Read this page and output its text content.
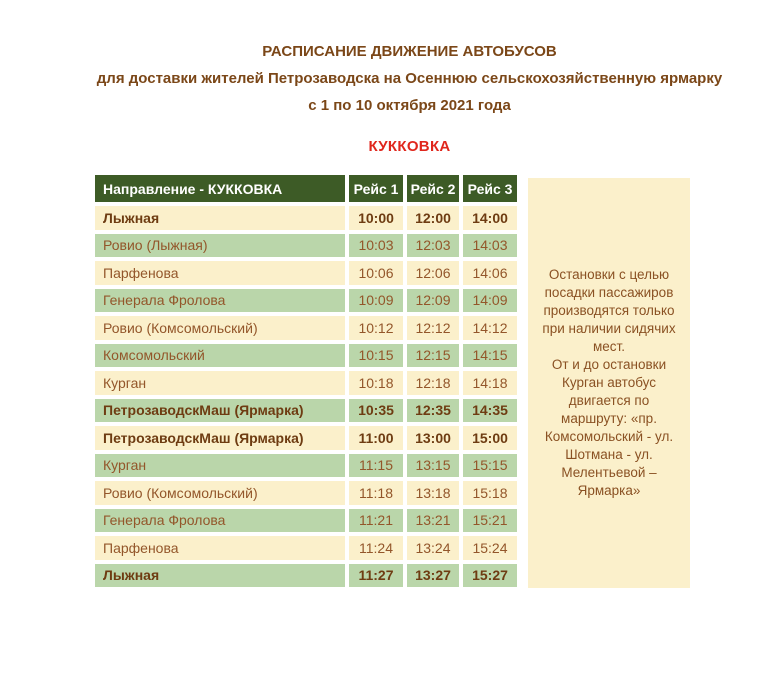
РАСПИСАНИЕ ДВИЖЕНИЕ АВТОБУСОВ
для доставки жителей Петрозаводска на Осеннюю сельскохозяйственную ярмарку
с 1 по 10 октября 2021 года
КУККОВКА
Направление - КУККОВКА	Рейс 1 Рейс 2 Рейс 3
Лыжная	10:00	12:00	14:00
Ровио (Лыжная)	10:03	12:03	14:03
Парфенова	10:06	12:06	14:06
Генерала Фролова	10:09	12:09	14:09
Ровио (Комсомольский)	10:12	12:12	14:12
Комсомольский	10:15	12:15	14:15
Курган	10:18	12:18	14:18
ПетрозаводскМаш (Ярмарка)	10:35	12:35	14:35
ПетрозаводскМаш (Ярмарка)	11:00	13:00	15:00
Курган	11:15	13:15	15:15
Ровио (Комсомольский)	11:18	13:18	15:18
Генерала Фролова	11:21	13:21	15:21
Парфенова	11:24	13:24	15:24
Лыжная	11:27	13:27	15:27

Остановки с целью посадки пассажиров производятся только при наличии сидячих мест.

От и до остановки Курган автобус двигается по маршруту: «пр. Комсомольский - ул. Шотмана - ул. Мелентьевой – Ярмарка»
